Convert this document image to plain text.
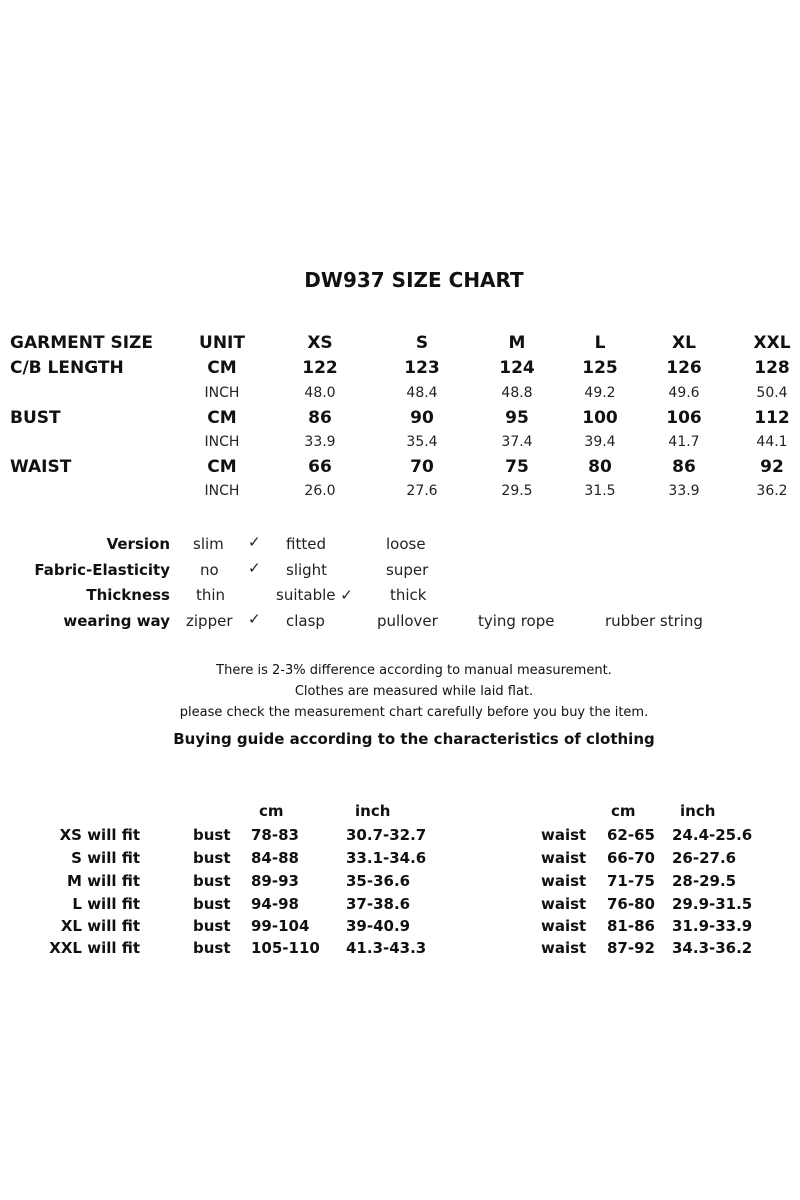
DW937 SIZE CHART
GARMENT SIZE	UNIT	XS	S	M	L	XL	XXL
C/B LENGTH	CM	122	123	124	125	126	128
INCH	48.0	48.4	48.8	49.2	49.6	50.4
BUST	CM	86	90	95	100	106	112
INCH	33.9	35.4	37.4	39.4	41.7	44.1
WAIST	CM	66	70	75	80	86	92
INCH	26.0	27.6	29.5	31.5	33.9	36.2
Version slim ✓ fitted	loose
Fabric-Elasticity no ✓ slight	super
Thickness thin	suitable ✓ thick
wearing way zipper ✓ clasp	pullover	tying rope	rubber string
There is 2-3% difference according to manual measurement.
Clothes are measured while laid flat.
please check the measurement chart carefully before you buy the item.
Buying guide according to the characteristics of clothing
cm	inch	cm	inch
XS will fit	bust 78-83	30.7-32.7	waist 62-65 24.4-25.6
S will fit	bust 84-88	33.1-34.6	waist 66-70 26-27.6
M will fit	bust 89-93	35-36.6	waist 71-75 28-29.5
L will fit	bust 94-98	37-38.6	waist 76-80 29.9-31.5
XL will fit	bust 99-104 39-40.9	waist 81-86 31.9-33.9
XXL will fit	bust 105-110 41.3-43.3	waist 87-92 34.3-36.2
